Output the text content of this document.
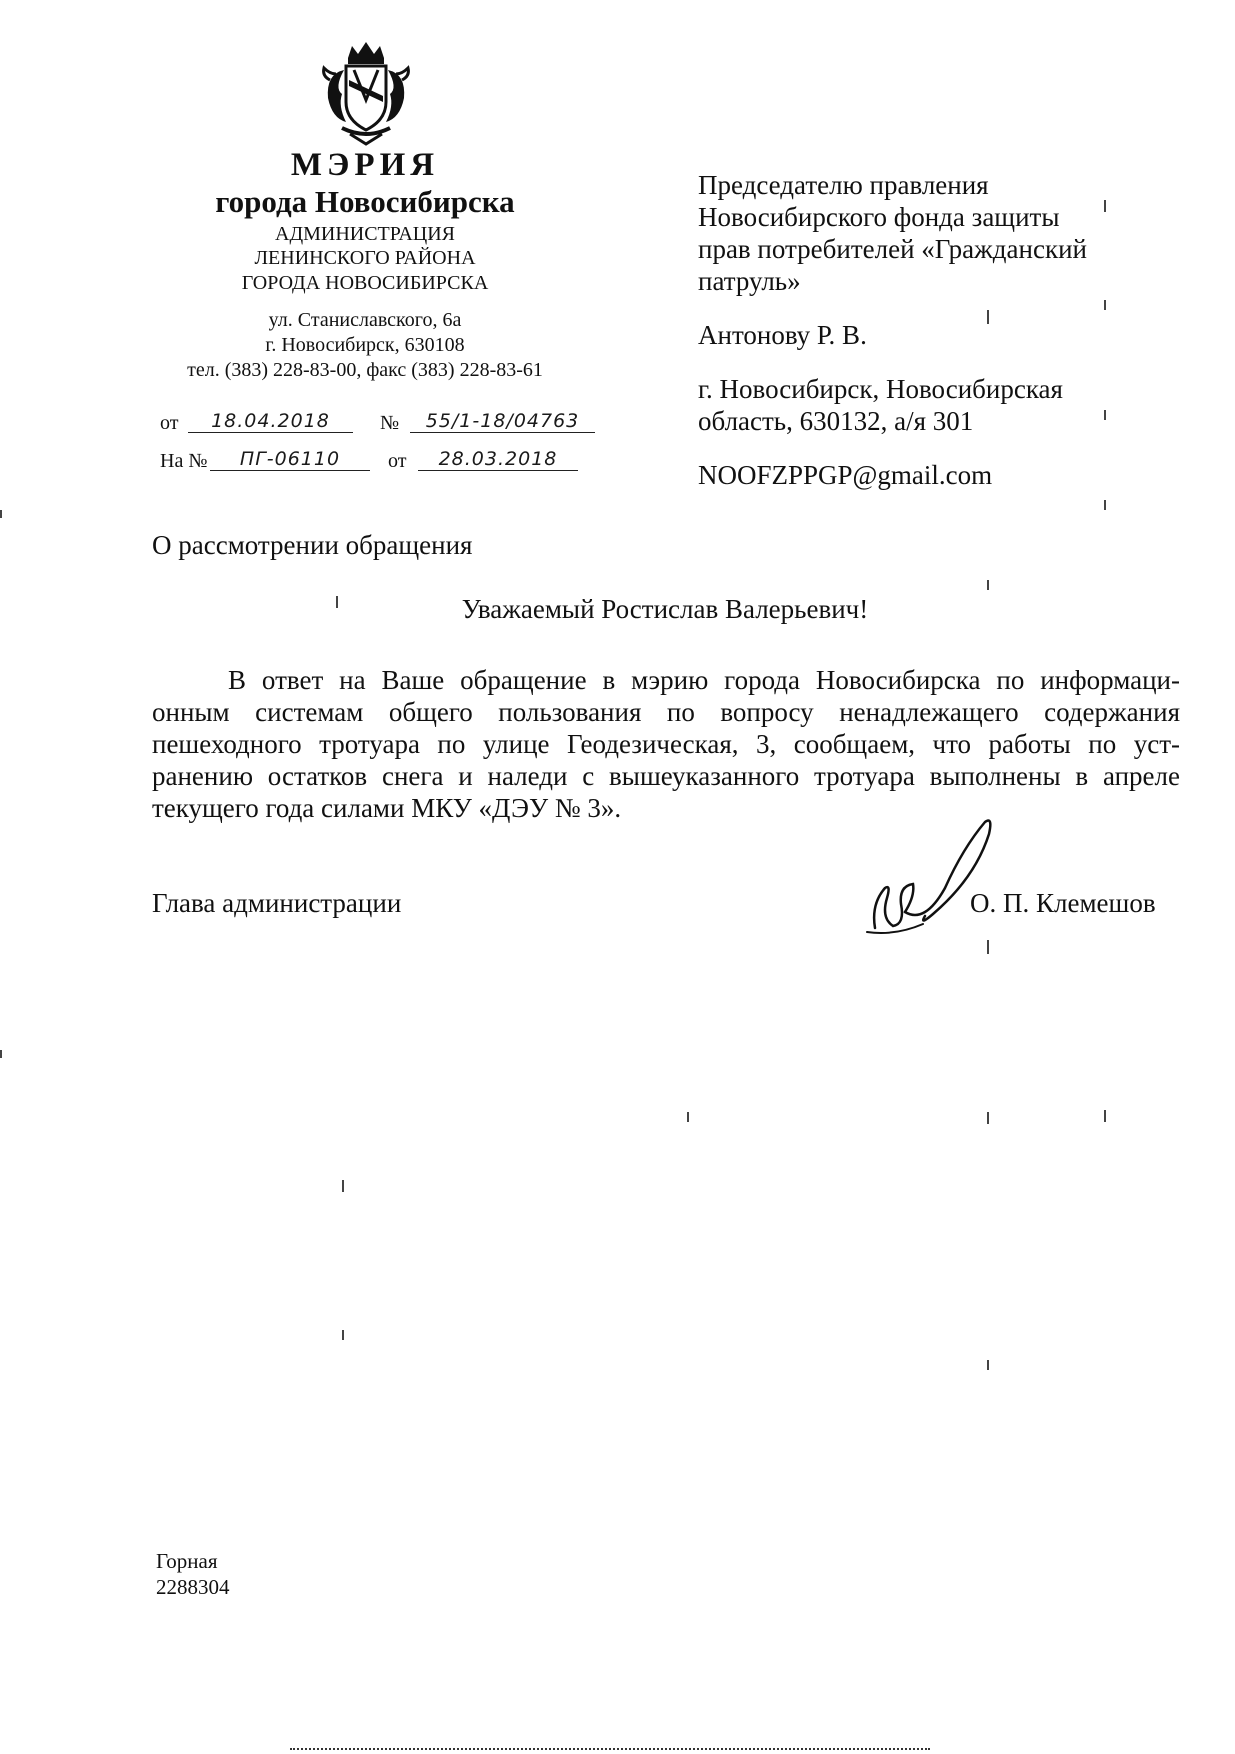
МЭРИЯ
города Новосибирска
АДМИНИСТРАЦИЯ
ЛЕНИНСКОГО РАЙОНА
ГОРОДА НОВОСИБИРСКА
ул. Станиславского, 6а
г. Новосибирск, 630108
тел. (383) 228-83-00, факс (383) 228-83-61
от	18.04.2018	№	55/1-18/04763
На №	ПГ-06110	от	28.03.2018
Председателю правления
Новосибирского фонда защиты
прав потребителей «Гражданский
патруль»
Антонову Р. В.
г. Новосибирск, Новосибирская
область, 630132, а/я 301
NOOFZPPGP@gmail.com
О рассмотрении обращения
Уважаемый Ростислав Валерьевич!
В ответ на Ваше обращение в мэрию города Новосибирска по информаци-
онным системам общего пользования по вопросу ненадлежащего содержания
пешеходного тротуара по улице Геодезическая, 3, сообщаем, что работы по уст-
ранению остатков снега и наледи с вышеуказанного тротуара выполнены в апреле
текущего года силами МКУ «ДЭУ № 3».
Глава администрации	О. П. Клемешов
Горная
2288304
